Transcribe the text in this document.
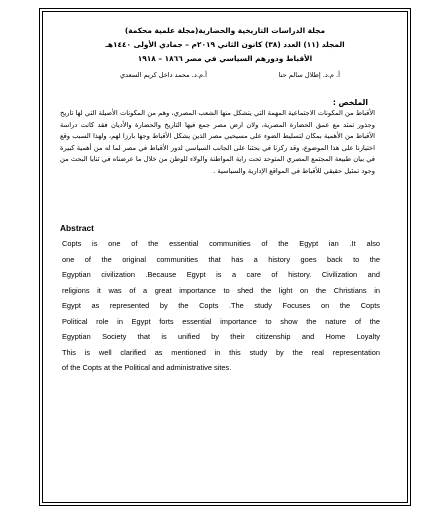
مجلة الدراسات التاريخية والحضارية(مجلة علمية محكمة)
المجلد (١١) العدد (٣٨) كانون الثاني ٢٠١٩م – جمادي الأولى ١٤٤٠هـ
الأقباط ودورهم السياسي في مصر ١٨٦٦ – ١٩١٨
أ. م.د. إطلال سالم حنا
أ.م.د. محمد داخل كريم السعدي
الملخص :
الأقباط من المكونات الاجتماعية المهمة التي يتشكل منها الشعب المصري، وهم من المكونات الأصيلة التي لها تاريخ وجذور تمتد مع عمق الحضارة المصرية، ولان ارض مصر جمع فيها التاريخ والحضارة والأديان فقد كانت دراسة الأقباط من الأهمية بمكان لتسليط الضوء على مسيحيي مصر الذين يشكل الأقباط وجها بارزا لهم، ولهذا السبب وقع اختيارنا على هذا الموضوع، وقد ركزنا في بحثنا على الجانب السياسي لدور الأقباط في مصر لما له من أهمية كبيرة في بيان طبيعة المجتمع المصري المتوحد تحت راية المواطنة والولاء للوطن من خلال ما عرضناه في ثنايا البحث من وجود تمثيل حقيقي للأقباط في المواقع الإدارية والسياسية .
Abstract
Copts is one of the essential communities of the Egypt ian .It also
one of the original communities that has a history goes back to the
Egyptian civilization .Because Egypt is a care of history. Civilization and
religions it was of a great importance to shed the light on the Christians in
Egypt as represented by the Copts .The study Focuses on the Copts
Political role in Egypt forts essential importance to show the nature of the
Egyptian Society that is unified by their citizenship and Home Loyalty
This is well clarified as mentioned in this study by the real representation
of the Copts at the Political and administrative sites.
